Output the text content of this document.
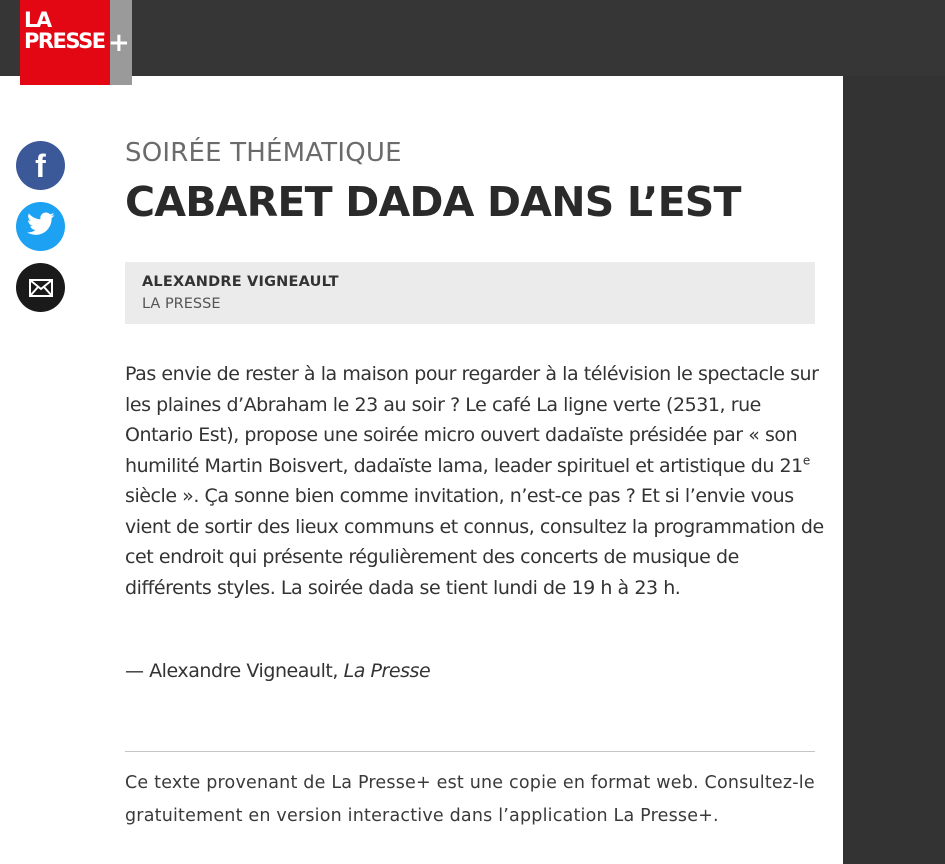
LA
PRESSE +
f	SOIRÉE THÉMATIQUE
CABARET DADA DANS L’EST
ALEXANDRE VIGNEAULT
LA PRESSE

Pas envie de rester à la maison pour regarder à la télévision le spectacle sur les plaines d’Abraham le 23 au soir ? Le café La ligne verte (2531, rue Ontario Est), propose une soirée micro ouvert dadaïste présidée par « son humilité Martin Boisvert, dadaïste lama, leader spirituel et artistique du 21e siècle ». Ça sonne bien comme invitation, n’est-ce pas ? Et si l’envie vous vient de sortir des lieux communs et connus, consultez la programmation de cet endroit qui présente régulièrement des concerts de musique de différents styles. La soirée dada se tient lundi de 19 h à 23 h.

— Alexandre Vigneault, La Presse

Ce texte provenant de La Presse+ est une copie en format web. Consultez-le gratuitement en version interactive dans l’application La Presse+.
